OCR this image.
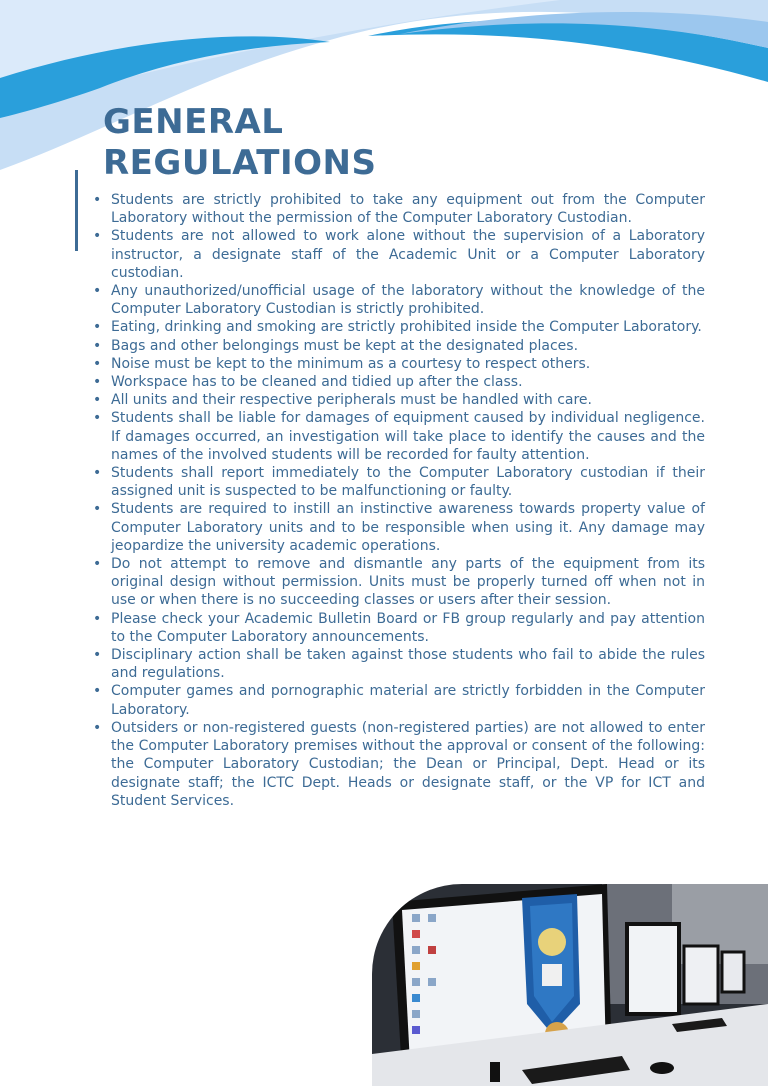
GENERAL
REGULATIONS
• Students are strictly prohibited to take any equipment out from the Computer Laboratory without the permission of the Computer Laboratory Custodian.
• Students are not allowed to work alone without the supervision of a Laboratory instructor, a designate staff of the Academic Unit or a Computer Laboratory custodian.
• Any unauthorized/unofficial usage of the laboratory without the knowledge of the Computer Laboratory Custodian is strictly prohibited.
• Eating, drinking and smoking are strictly prohibited inside the Computer Laboratory.
• Bags and other belongings must be kept at the designated places.
• Noise must be kept to the minimum as a courtesy to respect others.
• Workspace has to be cleaned and tidied up after the class.
• All units and their respective peripherals must be handled with care.
• Students shall be liable for damages of equipment caused by individual negligence. If damages occurred, an investigation will take place to identify the causes and the names of the involved students will be recorded for faulty attention.
• Students shall report immediately to the Computer Laboratory custodian if their assigned unit is suspected to be malfunctioning or faulty.
• Students are required to instill an instinctive awareness towards property value of Computer Laboratory units and to be responsible when using it. Any damage may jeopardize the university academic operations.
• Do not attempt to remove and dismantle any parts of the equipment from its original design without permission. Units must be properly turned off when not in use or when there is no succeeding classes or users after their session.
• Please check your Academic Bulletin Board or FB group regularly and pay attention to the Computer Laboratory announcements.
• Disciplinary action shall be taken against those students who fail to abide the rules and regulations.
• Computer games and pornographic material are strictly forbidden in the Computer Laboratory.
• Outsiders or non-registered guests (non-registered parties) are not allowed to enter the Computer Laboratory premises without the approval or consent of the following: the Computer Laboratory Custodian; the Dean or Principal, Dept. Head or its designate staff; the ICTC Dept. Heads or designate staff, or the VP for ICT and Student Services.
